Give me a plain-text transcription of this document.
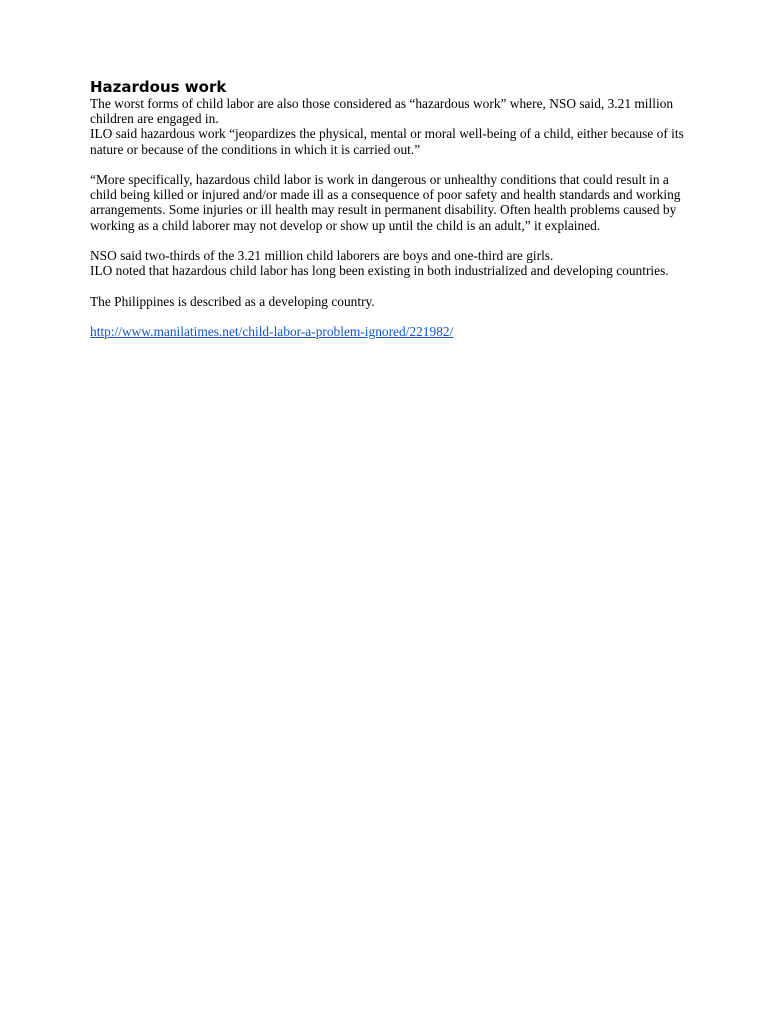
Hazardous work

The worst forms of child labor are also those considered as “hazardous work” where, NSO said, 3.21 million children are engaged in.

ILO said hazardous work “jeopardizes the physical, mental or moral well-being of a child, either because of its nature or because of the conditions in which it is carried out.”

“More specifically, hazardous child labor is work in dangerous or unhealthy conditions that could result in a child being killed or injured and/or made ill as a consequence of poor safety and health standards and working arrangements. Some injuries or ill health may result in permanent disability. Often health problems caused by working as a child laborer may not develop or show up until the child is an adult,” it explained.

NSO said two-thirds of the 3.21 million child laborers are boys and one-third are girls.

ILO noted that hazardous child labor has long been existing in both industrialized and developing countries.

The Philippines is described as a developing country.

http://www.manilatimes.net/child-labor-a-problem-ignored/221982/
